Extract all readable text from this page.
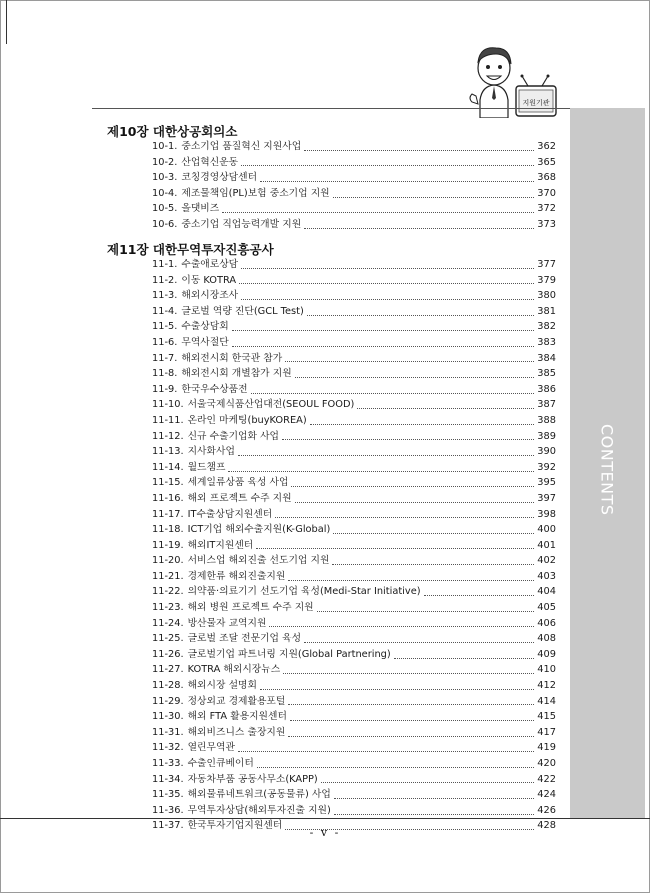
지원기관
제10장 대한상공회의소
10-1. 중소기업 품질혁신 지원사업	362
10-2. 산업혁신운동	365
10-3. 코칭경영상담센터	368
10-4. 제조물책임(PL)보험 중소기업 지원	370
10-5. 올댓비즈	372
10-6. 중소기업 직업능력개발 지원	373
제11장 대한무역투자진흥공사
11-1. 수출애로상담	377
11-2. 이동 KOTRA	379
11-3. 해외시장조사	380
11-4. 글로벌 역량 진단(GCL Test)	381
11-5. 수출상담회	382
11-6. 무역사절단	383
11-7. 해외전시회 한국관 참가	384
11-8. 해외전시회 개별참가 지원	385
11-9. 한국우수상품전	386
11-10. 서울국제식품산업대전(SEOUL FOOD)	387
11-11. 온라인 마케팅(buyKOREA)	388
11-12. 신규 수출기업화 사업	389
11-13. 지사화사업	390
11-14. 월드챔프	392
11-15. 세계일류상품 육성 사업	395
11-16. 해외 프로젝트 수주 지원	397
11-17. IT수출상담지원센터	398
11-18. ICT기업 해외수출지원(K-Global)	400
11-19. 해외IT지원센터	401
11-20. 서비스업 해외진출 선도기업 지원	402
11-21. 경제한류 해외진출지원	403
11-22. 의약품·의료기기 선도기업 육성(Medi-Star Initiative)	404
11-23. 해외 병원 프로젝트 수주 지원	405
11-24. 방산물자 교역지원	406
11-25. 글로벌 조달 전문기업 육성	408
11-26. 글로벌기업 파트너링 지원(Global Partnering)	409
11-27. KOTRA 해외시장뉴스	410
11-28. 해외시장 설명회	412
11-29. 정상외교 경제활용포털	414
11-30. 해외 FTA 활용지원센터	415
11-31. 해외비즈니스 출장지원	417
11-32. 열린무역관	419
11-33. 수출인큐베이터	420
11-34. 자동차부품 공동사무소(KAPP)	422
11-35. 해외물류네트워크(공동물류) 사업	424
11-36. 무역투자상담(해외투자진출 지원)	426
11-37. 한국투자기업지원센터	428
CONTENTS
- v -
